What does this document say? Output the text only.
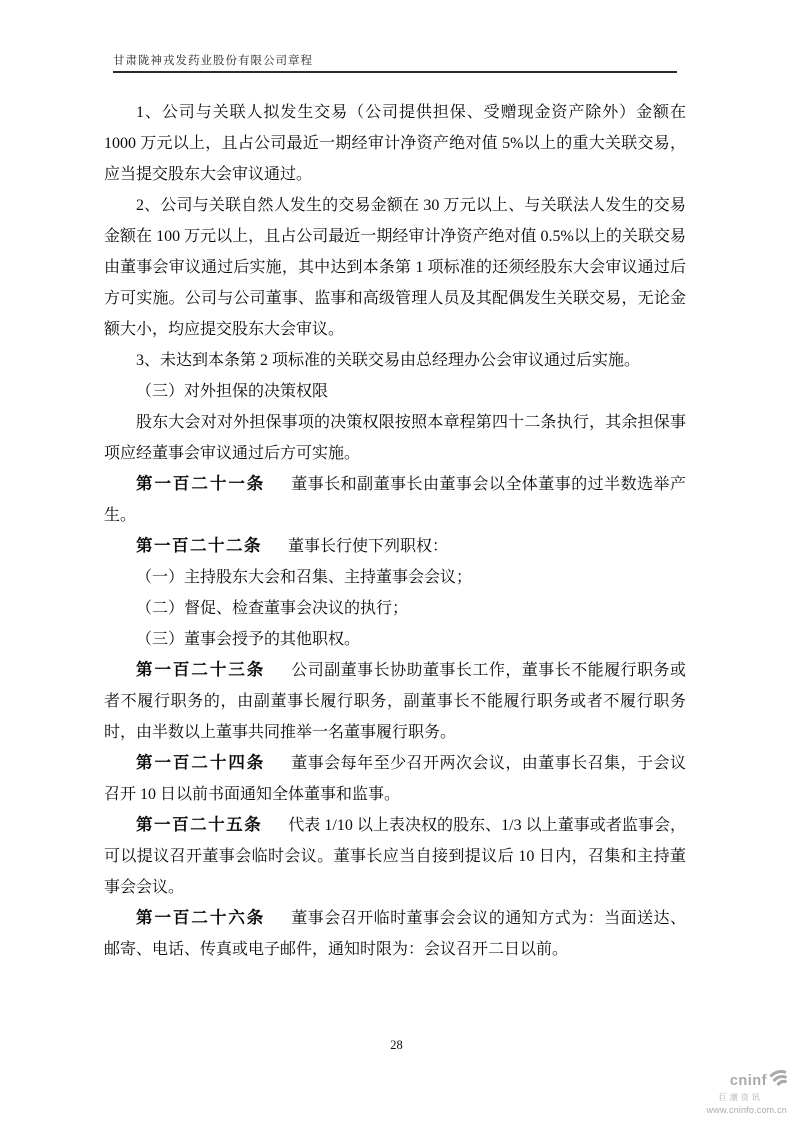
甘肃陇神戎发药业股份有限公司章程

1、公司与关联人拟发生交易（公司提供担保、受赠现金资产除外）金额在 1000 万元以上，且占公司最近一期经审计净资产绝对值 5%以上的重大关联交易，应当提交股东大会审议通过。

2、公司与关联自然人发生的交易金额在 30 万元以上、与关联法人发生的交易金额在 100 万元以上，且占公司最近一期经审计净资产绝对值 0.5%以上的关联交易由董事会审议通过后实施，其中达到本条第 1 项标准的还须经股东大会审议通过后方可实施。公司与公司董事、监事和高级管理人员及其配偶发生关联交易，无论金额大小，均应提交股东大会审议。

3、未达到本条第 2 项标准的关联交易由总经理办公会审议通过后实施。

（三）对外担保的决策权限

股东大会对对外担保事项的决策权限按照本章程第四十二条执行，其余担保事项应经董事会审议通过后方可实施。

第一百二十一条 董事长和副董事长由董事会以全体董事的过半数选举产生。

第一百二十二条 董事长行使下列职权：

（一）主持股东大会和召集、主持董事会会议；

（二）督促、检查董事会决议的执行；

（三）董事会授予的其他职权。

第一百二十三条 公司副董事长协助董事长工作，董事长不能履行职务或者不履行职务的，由副董事长履行职务，副董事长不能履行职务或者不履行职务时，由半数以上董事共同推举一名董事履行职务。

第一百二十四条 董事会每年至少召开两次会议，由董事长召集，于会议召开 10 日以前书面通知全体董事和监事。

第一百二十五条 代表 1/10 以上表决权的股东、1/3 以上董事或者监事会，可以提议召开董事会临时会议。董事长应当自接到提议后 10 日内，召集和主持董事会会议。

第一百二十六条 董事会召开临时董事会会议的通知方式为：当面送达、邮寄、电话、传真或电子邮件，通知时限为：会议召开二日以前。

28
cninf
巨潮资讯
www.cninfo.com.cn
